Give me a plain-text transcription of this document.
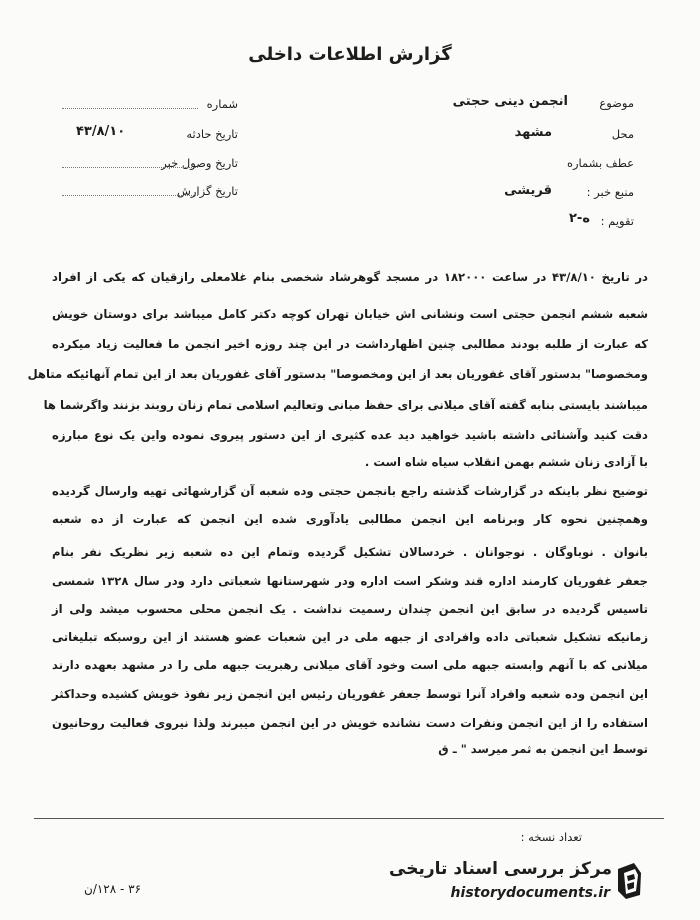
گزارش اطلاعات داخلی
موضوع
انجمن دینی حجتی
محل
مشهد
عطف بشماره
منبع خبر :
قریشی
تقویم :
ه-۲
شماره
تاریخ حادثه
۴۳/۸/۱۰
تاریخ وصول خبر
تاریخ گزارش
در تاریخ ۴۳/۸/۱۰ در ساعت ۱۸۲۰۰۰ در مسجد گوهرشاد شخصی بنام غلامعلی رازقیان که یکی از افراد
شعبه ششم انجمن حجتی است ونشانی اش خیابان تهران کوچه دکتر کامل میباشد برای دوستان خویش
که عبارت از طلبه بودند مطالبی چنین اظهارداشت در این چند روزه اخیر انجمن ما فعالیت زیاد میکرده
ومخصوصا" بدستور آقای غفوریان بعد از این ومخصوصا" بدستور آقای غفوریان بعد از این تمام آنهائیکه متاهل
میباشند بایستی بنابه گفته آقای میلانی برای حفظ مبانی وتعالیم اسلامی تمام زنان روبند بزنند واگرشما ها
دقت کنید وآشنائی داشته باشید خواهید دید عده کثیری از این دستور پیروی نموده واین یک نوع مبارزه
با آزادی زنان ششم بهمن انقلاب سیاه شاه است .
توضیح نظر باینکه در گزارشات گذشته راجع بانجمن حجتی وده شعبه آن گزارشهائی تهیه وارسال گردیده
وهمچنین نحوه کار وبرنامه این انجمن مطالبی یادآوری شده این انجمن که عبارت از ده شعبه
بانوان . نوباوگان . نوجوانان . خردسالان تشکیل گردیده وتمام این ده شعبه زیر نظریک نفر بنام
جعفر غفوریان کارمند اداره قند وشکر است اداره ودر شهرستانها شعباتی دارد ودر سال ۱۳۲۸ شمسی
تاسیس گردیده در سابق این انجمن چندان رسمیت نداشت . یک انجمن محلی محسوب میشد ولی از
زمانیکه تشکیل شعباتی داده وافرادی از جبهه ملی در این شعبات عضو هستند از این روسبکه تبلیغاتی
میلانی که با آنهم وابسته جبهه ملی است وخود آقای میلانی رهبریت جبهه ملی را در مشهد بعهده دارند
این انجمن وده شعبه وافراد آنرا توسط جعفر غفوریان رئیس این انجمن زیر نفوذ خویش کشیده وحداکثر
استفاده را از این انجمن ونفرات دست نشانده خویش در این انجمن میبرند ولذا نیروی فعالیت روحانیون
توسط این انجمن به ثمر میرسد " ـ ق
تعداد نسخه :
۳۶ - ۱۲۸/ن
مرکز بررسی اسناد تاریخی
historydocuments.ir
